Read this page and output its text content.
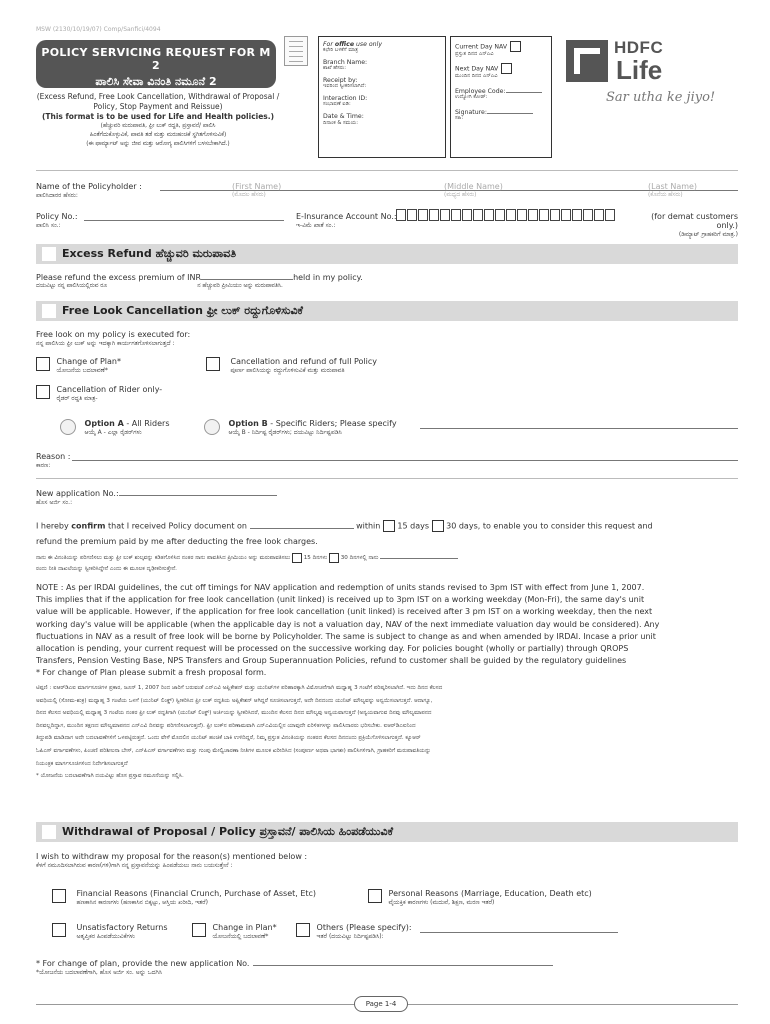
MSW (2130/10/19/07) Comp/Sanfici/4094
POLICY SERVICING REQUEST FOR M 2
ಪಾಲಿಸಿ ಸೇವಾ ವಿನಂತಿ ನಮೂನೆ 2
(Excess Refund, Free Look Cancellation, Withdrawal of Proposal / Policy, Stop Payment and Reissue)
(This format is to be used for Life and Health policies.)
(ಹೆಚ್ಚುವರಿ ಮರುಪಾವತಿ, ಫ್ರೀ ಲುಕ್ ರದ್ದತಿ, ಪ್ರಸ್ತಾವನೆ/ ಪಾಲಿಸಿ
ಹಿಂತೆಗೆದುಕೊಳ್ಳುವಿಕೆ, ಪಾವತಿ ತಡೆ ಮತ್ತು ಮರುಹಂಚಿಕೆ ಸ್ಥಗಿತಗೊಳಿಸುವಿಕೆ)
(ಈ ಫಾರ್ಮ್ಯಾಟ್ ಅನ್ನು ಜೀವ ಮತ್ತು ಆರೋಗ್ಯ ಪಾಲಿಸಿಗಳಿಗೆ ಬಳಸಬೇಕಾಗಿದೆ.)
For office use only
ಕಛೇರಿ ಬಳಕೆಗೆ ಮಾತ್ರ
Branch Name:
ಶಾಖೆ ಹೆಸರು:
Receipt by:
ಇವರಿಂದ ಸ್ವೀಕರಿಸಲಾಗಿದೆ:
Interaction ID:
ಸಂಭಾಷಣೆ ಐಡಿ:
Date & Time:
ದಿನಾಂಕ & ಸಮಯ:
Current Day NAV
ಪ್ರಸ್ತುತ ದಿನದ ಎನ್ಎವಿ
Next Day NAV
ಮುಂದಿನ ದಿನದ ಎನ್ಎವಿ
Employee Code:
ಉದ್ಯೋಗಿ ಕೋಡ್:
Signature:
ಸಹಿ:
HDFC
Life
Sar utha ke jiyo!
Name of the Policyholder :
ಪಾಲಿಸಿದಾರರ ಹೆಸರು:
(First Name)
(ಮೊದಲ ಹೆಸರು)
(Middle Name)
(ಮಧ್ಯದ ಹೆಸರು)
(Last Name)
(ಕೊನೆಯ ಹೆಸರು)
Policy No.:
ಪಾಲಿಸಿ ಸಂ.:
E-Insurance Account No.:
ಇ-ವಿಮೆ ಖಾತೆ ಸಂ.:
(for demat customers only.)
(ಡಿಮ್ಯಾಟ್ ಗ್ರಾಹಕರಿಗೆ ಮಾತ್ರ.)
Excess Refund ಹೆಚ್ಚುವರಿ ಮರುಪಾವತಿ
Please refund the excess premium of INR	held in my policy.
ದಯವಿಟ್ಟು ನನ್ನ ಪಾಲಿಸಿಯಲ್ಲಿರುವ ರೂ                                                 ನ ಹೆಚ್ಚುವರಿ ಪ್ರೀಮಿಯಂ ಅನ್ನು ಮರುಪಾವತಿಸಿ.
Free Look Cancellation ಫ್ರೀ ಲುಕ್ ರದ್ದುಗೊಳಿಸುವಿಕೆ
Free look on my policy is executed for:
ನನ್ನ ಪಾಲಿಸಿಯ ಫ್ರೀ ಲುಕ್ ಅನ್ನು ಇದಕ್ಕಾಗಿ ಕಾರ್ಯಗತಗೊಳಿಸಲಾಗುತ್ತದೆ :
Change of Plan*
ಯೋಜನೆಯ ಬದಲಾವಣೆ*
Cancellation and refund of full Policy
ಪೂರ್ಣ ಪಾಲಿಸಿಯನ್ನು ರದ್ದುಗೊಳಿಸುವಿಕೆ ಮತ್ತು ಮರುಪಾವತಿ
Cancellation of Rider only-
ರೈಡರ್ ರದ್ದತಿ ಮಾತ್ರ-
Option A - All Riders
ಆಯ್ಕೆ A - ಎಲ್ಲಾ ರೈಡರ್‌ಗಳು
Option B - Specific Riders; Please specify
ಆಯ್ಕೆ B - ನಿರ್ದಿಷ್ಟ ರೈಡರ್‌ಗಳು; ದಯವಿಟ್ಟು ನಿರ್ದಿಷ್ಟಪಡಿಸಿ
Reason :
ಕಾರಣ:
New application No.:
ಹೊಸ ಅರ್ಜಿ ಸಂ.:
I hereby confirm that I received Policy document on	within 15 days 30 days, to enable you to consider this request and
refund the premium paid by me after deducting the free look charges.
ನಾನು ಈ ವಿನಂತಿಯನ್ನು ಪರಿಗಣಿಸಲು ಮತ್ತು ಫ್ರೀ ಲುಕ್ ಶುಲ್ಕವನ್ನು ಕಡಿತಗೊಳಿಸಿದ ನಂತರ ನಾನು ಪಾವತಿಸಿದ ಪ್ರೀಮಿಯಂ ಅನ್ನು ಮರುಪಾವತಿಸಲು 15 ದಿನಗಳು 30 ದಿನಗಳಲ್ಲಿ ನಾನು
ರಂದು ನೀತಿ ದಾಖಲೆಯನ್ನು ಸ್ವೀಕರಿಸಿದ್ದೇನೆ ಎಂದು ಈ ಮೂಲಕ ದೃಢೀಕರಿಸುತ್ತೇನೆ.
NOTE : As per IRDAI guidelines, the cut off timings for NAV application and redemption of units stands revised to 3pm IST with effect from June 1, 2007.
This implies that if the application for free look cancellation (unit linked) is received up to 3pm IST on a working weekday (Mon-Fri), the same day's unit
value will be applicable. However, if the application for free look cancellation (unit linked) is received after 3 pm IST on a working weekday, then the next
working day's value will be applicable (when the applicable day is not a valuation day, NAV of the next immediate valuation day would be considered). Any
fluctuations in NAV as a result of free look will be borne by Policyholder. The same is subject to change as and when amended by IRDAI. Incase a prior unit
allocation is pending, your current request will be processed on the successive working day. For policies bought (wholly or partially) through QROPS
Transfers, Pension Vesting Base, NPS Transfers and Group Superannuation Policies, refund to customer shall be guided by the regulatory guidelines
* For change of Plan please submit a fresh proposal form.
ಟಿಪ್ಪಣಿ : ಐಆರ್‌ಡಿಎಐ ಮಾರ್ಗಸೂಚಿಗಳ ಪ್ರಕಾರ, ಜೂನ್ 1, 2007 ರಿಂದ ಜಾರಿಗೆ ಬರುವಂತೆ ಎನ್ಎವಿ ಅಪ್ಲಿಕೇಶನ್ ಮತ್ತು ಯುನಿಟ್‌ಗಳ ಪರಿಹಾರಕ್ಕಾಗಿ ವಿಮೋಚನೆಗಾಗಿ ಮಧ್ಯಾಹ್ನ 3 ಗಂಟೆಗೆ ಪರಿಷ್ಕರಿಸಲಾಗಿದೆ. ಇದು ದಿನದ ಕೆಲಸದ
ಅವಧಿಯಲ್ಲಿ (ಸೋಮ-ಶುಕ್ರ) ಮಧ್ಯಾಹ್ನ 3 ಗಂಟೆಯ ಒಳಗೆ (ಯುನಿಟ್ ಲಿಂಕ್ಡ್) ಸ್ವೀಕರಿಸಿದ ಫ್ರೀ ಲುಕ್ ರದ್ದತಿಯ ಅಪ್ಲಿಕೇಶನ್ ಆಗಿದ್ದರೆ ಸೂಚಿಸಲಾಗುತ್ತದೆ, ಅದೇ ದಿನದಂದು ಯುನಿಟ್ ಮೌಲ್ಯವನ್ನು ಅನ್ವಯಿಸಲಾಗುತ್ತದೆ. ಆದಾಗ್ಯೂ,
ದಿನದ ಕೆಲಸದ ಅವಧಿಯಲ್ಲಿ ಮಧ್ಯಾಹ್ನ 3 ಗಂಟೆಯ ನಂತರ ಫ್ರೀ ಲುಕ್ ರದ್ದತಿಗಾಗಿ (ಯುನಿಟ್ ಲಿಂಕ್ಡ್) ಅರ್ಜಿಯನ್ನು ಸ್ವೀಕರಿಸಿದರೆ, ಮುಂದಿನ ಕೆಲಸದ ದಿನದ ಮೌಲ್ಯವು ಅನ್ವಯವಾಗುತ್ತದೆ (ಅನ್ವಯವಾಗುವ ದಿನವು ಮೌಲ್ಯಮಾಪನದ
ದಿನವಲ್ಲದಿದ್ದಾಗ, ಮುಂದಿನ ತಕ್ಷಣದ ಮೌಲ್ಯಮಾಪನದ ಎನ್ಎವಿ ದಿನವನ್ನು ಪರಿಗಣಿಸಲಾಗುತ್ತದೆ). ಫ್ರೀ ಲುಕ್‌ನ ಪರಿಣಾಮವಾಗಿ ಎನ್ಎವಿಯಲ್ಲಿನ ಯಾವುದೇ ಏರಿಳಿತಗಳನ್ನು ಪಾಲಿಸಿದಾರರು ಭರಿಸಬೇಕು. ಐಆರ್‌ಡಿಎಐನಿಂದ
ತಿದ್ದುಪಡಿ ಮಾಡಿದಾಗ ಅದೇ ಬದಲಾವಣೆಗಳಿಗೆ ಒಳಪಟ್ಟಿರುತ್ತದೆ. ಒಂದು ವೇಳೆ ಮೊದಲಿನ ಯುನಿಟ್ ಹಂಚಿಕೆ ಬಾಕಿ ಉಳಿದಿದ್ದರೆ, ನಿಮ್ಮ ಪ್ರಸ್ತುತ ವಿನಂತಿಯನ್ನು ನಂತರದ ಕೆಲಸದ ದಿನದಂದು ಪ್ರಕ್ರಿಯೆಗೊಳಿಸಲಾಗುತ್ತದೆ. ಕ್ಯೂಆರ್
ಓಪಿಎಸ್ ವರ್ಗಾವಣೆಗಳು, ಪಿಂಚಣಿ ಪರಿಶೀಲನಾ ಬೇಸ್, ಎನ್‌ಪಿಎಸ್ ವರ್ಗಾವಣೆಗಳು ಮತ್ತು ಗುಂಪು ಮೇಲ್ವಿಚಾರಣಾ ನೀತಿಗಳ ಮೂಲಕ ಖರೀದಿಸಿದ (ಸಂಪೂರ್ಣ ಅಥವಾ ಭಾಗಶಃ) ಪಾಲಿಸಿಗಳಿಗಾಗಿ, ಗ್ರಾಹಕರಿಗೆ ಮರುಪಾವತಿಯನ್ನು
ನಿಯಂತ್ರಕ ಮಾರ್ಗಸೂಚಿಗಳಿಂದ ನಿರ್ದೇಶಿಸಲಾಗುತ್ತದೆ
* ಯೋಜನೆಯ ಬದಲಾವಣೆಗಾಗಿ ದಯವಿಟ್ಟು ಹೊಸ ಪ್ರಸ್ತಾವ ನಮೂನೆಯನ್ನು ಸಲ್ಲಿಸಿ.
Withdrawal of Proposal / Policy ಪ್ರಸ್ತಾವನೆ/ ಪಾಲಿಸಿಯ ಹಿಂಪಡೆಯುವಿಕೆ
I wish to withdraw my proposal for the reason(s) mentioned below :
ಕೆಳಗೆ ನಮೂದಿಸಲಾಗಿರುವ ಕಾರಣ(ಗಳಿ)ಗಾಗಿ ನನ್ನ ಪ್ರಸ್ತಾವನೆಯನ್ನು ಹಿಂಪಡೆಯಲು ನಾನು ಬಯಸುತ್ತೇನೆ :
Financial Reasons (Financial Crunch, Purchase of Asset, Etc)
ಹಣಕಾಸಿನ ಕಾರಣಗಳು (ಹಣಕಾಸಿನ ಬಿಕ್ಕಟ್ಟು, ಆಸ್ತಿಯ ಖರೀದಿ, ಇತರೆ)
Personal Reasons (Marriage, Education, Death etc)
ವೈಯಕ್ತಿಕ ಕಾರಣಗಳು (ಮದುವೆ, ಶಿಕ್ಷಣ, ಮರಣ ಇತರೆ)
Unsatisfactory Returns
ಅತೃಪ್ತಿಕರ ಹಿಂಪಡೆಯುವಿಕೆಗಳು
Change in Plan*
ಯೋಜನೆಯಲ್ಲಿ ಬದಲಾವಣೆ*
Others (Please specify):
ಇತರೆ (ದಯವಿಟ್ಟು ನಿರ್ದಿಷ್ಟಪಡಿಸಿ):
* For change of plan, provide the new application No.
*ಯೋಜನೆಯ ಬದಲಾವಣೆಗಾಗಿ, ಹೊಸ ಅರ್ಜಿ ಸಂ. ಅನ್ನು ಒದಗಿಸಿ
Page 1-4
